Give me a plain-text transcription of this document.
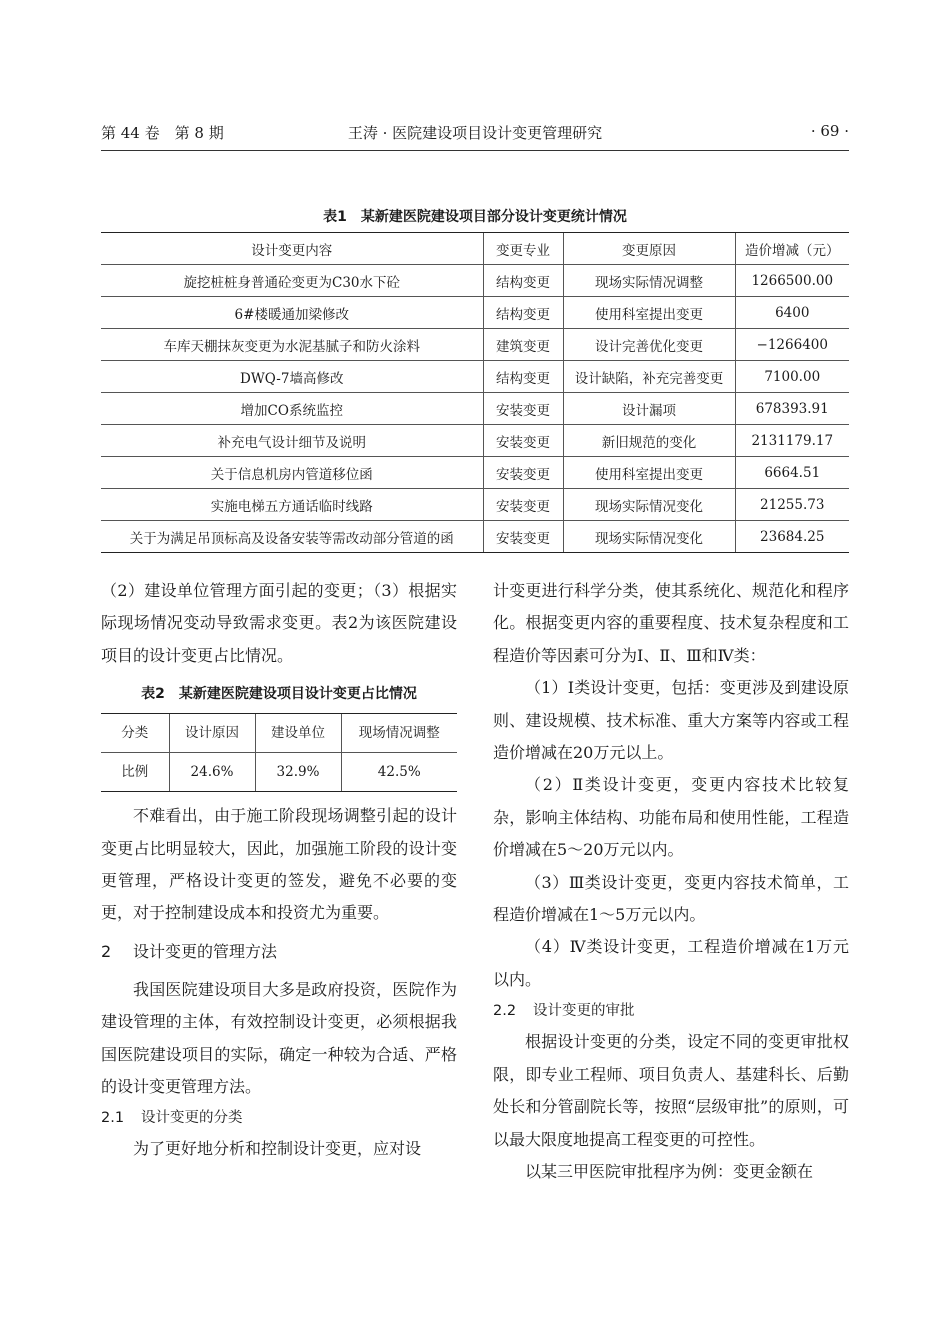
第 44 卷　第 8 期	王涛 · 医院建设项目设计变更管理研究	· 69 ·
表1　某新建医院建设项目部分设计变更统计情况
设计变更内容	变更专业	变更原因	造价增减（元）
旋挖桩桩身普通砼变更为C30水下砼	结构变更	现场实际情况调整	1266500.00
6#楼暖通加梁修改	结构变更	使用科室提出变更	6400
车库天棚抹灰变更为水泥基腻子和防火涂料	建筑变更	设计完善优化变更	−1266400
DWQ-7墙高修改	结构变更	设计缺陷，补充完善变更	7100.00
增加CO系统监控	安装变更	设计漏项	678393.91
补充电气设计细节及说明	安装变更	新旧规范的变化	2131179.17
关于信息机房内管道移位函	安装变更	使用科室提出变更	6664.51
实施电梯五方通话临时线路	安装变更	现场实际情况变化	21255.73
关于为满足吊顶标高及设备安装等需改动部分管道的函	安装变更	现场实际情况变化	23684.25

（2）建设单位管理方面引起的变更；（3）根据实际现场情况变动导致需求变更。表2为该医院建设项目的设计变更占比情况。

表2　某新建医院建设项目设计变更占比情况
分类	设计原因	建设单位	现场情况调整
比例	24.6%	32.9%	42.5%

不难看出，由于施工阶段现场调整引起的设计变更占比明显较大，因此，加强施工阶段的设计变更管理，严格设计变更的签发，避免不必要的变更，对于控制建设成本和投资尤为重要。

2 设计变更的管理方法

我国医院建设项目大多是政府投资，医院作为建设管理的主体，有效控制设计变更，必须根据我国医院建设项目的实际，确定一种较为合适、严格的设计变更管理方法。

2.1 设计变更的分类

为了更好地分析和控制设计变更，应对设

计变更进行科学分类，使其系统化、规范化和程序化。根据变更内容的重要程度、技术复杂程度和工程造价等因素可分为Ⅰ、Ⅱ、Ⅲ和Ⅳ类：

（1）Ⅰ类设计变更，包括：变更涉及到建设原则、建设规模、技术标准、重大方案等内容或工程造价增减在20万元以上。

（2）Ⅱ类设计变更，变更内容技术比较复杂，影响主体结构、功能布局和使用性能，工程造价增减在5～20万元以内。

（3）Ⅲ类设计变更，变更内容技术简单，工程造价增减在1～5万元以内。

（4）Ⅳ类设计变更，工程造价增减在1万元以内。

2.2 设计变更的审批

根据设计变更的分类，设定不同的变更审批权限，即专业工程师、项目负责人、基建科长、后勤处长和分管副院长等，按照“层级审批”的原则，可以最大限度地提高工程变更的可控性。

以某三甲医院审批程序为例：变更金额在
